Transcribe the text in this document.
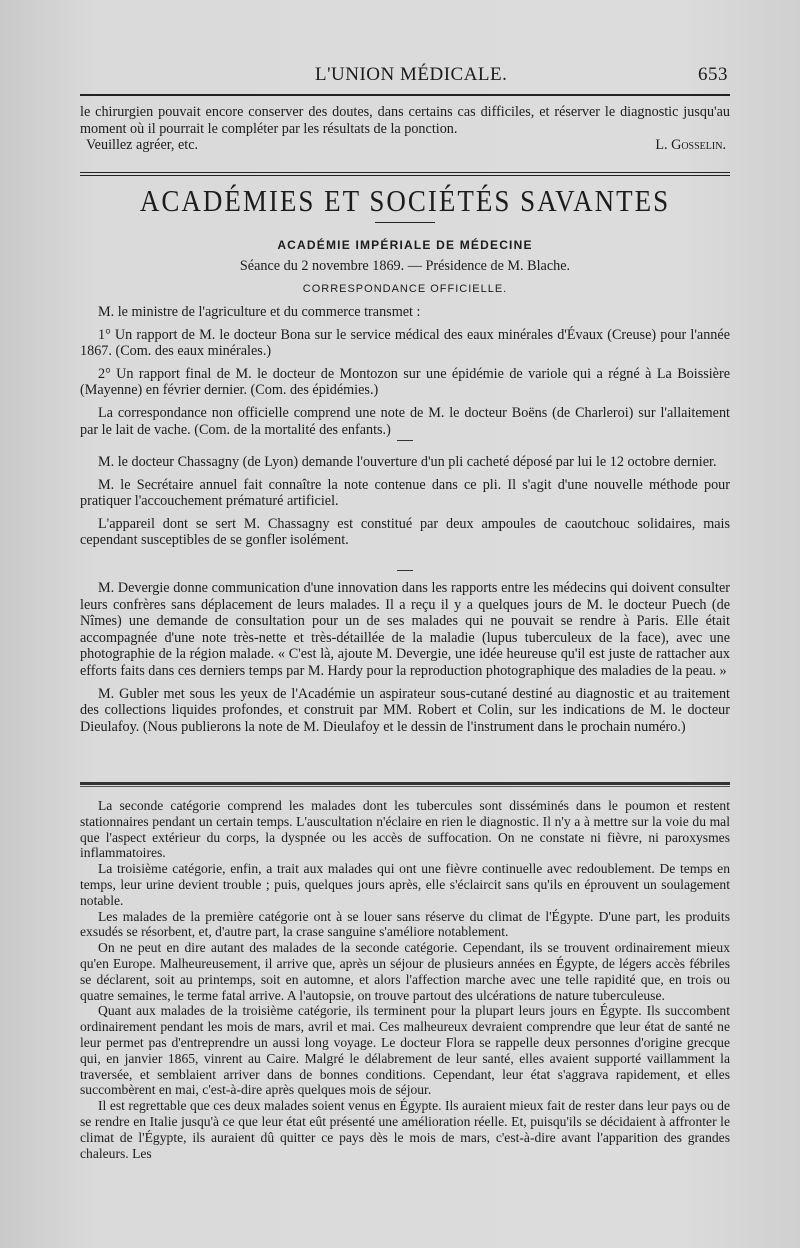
L'UNION MÉDICALE.	653

le chirurgien pouvait encore conserver des doutes, dans certains cas difficiles, et réserver le diagnostic jusqu'au moment où il pourrait le compléter par les résultats de la ponction.

Veuillez agréer, etc.	L. Gosselin.
ACADÉMIES ET SOCIÉTÉS SAVANTES
ACADÉMIE IMPÉRIALE DE MÉDECINE
Séance du 2 novembre 1869. — Présidence de M. Blache.
CORRESPONDANCE OFFICIELLE.

M. le ministre de l'agriculture et du commerce transmet :

1° Un rapport de M. le docteur Bona sur le service médical des eaux minérales d'Évaux (Creuse) pour l'année 1867. (Com. des eaux minérales.)

2° Un rapport final de M. le docteur de Montozon sur une épidémie de variole qui a régné à La Boissière (Mayenne) en février dernier. (Com. des épidémies.)

La correspondance non officielle comprend une note de M. le docteur Boëns (de Charleroi) sur l'allaitement par le lait de vache. (Com. de la mortalité des enfants.)

M. le docteur Chassagny (de Lyon) demande l'ouverture d'un pli cacheté déposé par lui le 12 octobre dernier.

M. le Secrétaire annuel fait connaître la note contenue dans ce pli. Il s'agit d'une nouvelle méthode pour pratiquer l'accouchement prématuré artificiel.

L'appareil dont se sert M. Chassagny est constitué par deux ampoules de caoutchouc solidaires, mais cependant susceptibles de se gonfler isolément.

M. Devergie donne communication d'une innovation dans les rapports entre les médecins qui doivent consulter leurs confrères sans déplacement de leurs malades. Il a reçu il y a quelques jours de M. le docteur Puech (de Nîmes) une demande de consultation pour un de ses malades qui ne pouvait se rendre à Paris. Elle était accompagnée d'une note très-nette et très-détaillée de la maladie (lupus tuberculeux de la face), avec une photographie de la région malade. « C'est là, ajoute M. Devergie, une idée heureuse qu'il est juste de rattacher aux efforts faits dans ces derniers temps par M. Hardy pour la reproduction photographique des maladies de la peau. »

M. Gubler met sous les yeux de l'Académie un aspirateur sous-cutané destiné au diagnostic et au traitement des collections liquides profondes, et construit par MM. Robert et Colin, sur les indications de M. le docteur Dieulafoy. (Nous publierons la note de M. Dieulafoy et le dessin de l'instrument dans le prochain numéro.)

La seconde catégorie comprend les malades dont les tubercules sont disséminés dans le poumon et restent stationnaires pendant un certain temps. L'auscultation n'éclaire en rien le diagnostic. Il n'y a à mettre sur la voie du mal que l'aspect extérieur du corps, la dyspnée ou les accès de suffocation. On ne constate ni fièvre, ni paroxysmes inflammatoires.

La troisième catégorie, enfin, a trait aux malades qui ont une fièvre continuelle avec redoublement. De temps en temps, leur urine devient trouble ; puis, quelques jours après, elle s'éclaircit sans qu'ils en éprouvent un soulagement notable.

Les malades de la première catégorie ont à se louer sans réserve du climat de l'Égypte. D'une part, les produits exsudés se résorbent, et, d'autre part, la crase sanguine s'améliore notablement.

On ne peut en dire autant des malades de la seconde catégorie. Cependant, ils se trouvent ordinairement mieux qu'en Europe. Malheureusement, il arrive que, après un séjour de plusieurs années en Égypte, de légers accès fébriles se déclarent, soit au printemps, soit en automne, et alors l'affection marche avec une telle rapidité que, en trois ou quatre semaines, le terme fatal arrive. A l'autopsie, on trouve partout des ulcérations de nature tuberculeuse.

Quant aux malades de la troisième catégorie, ils terminent pour la plupart leurs jours en Égypte. Ils succombent ordinairement pendant les mois de mars, avril et mai. Ces malheureux devraient comprendre que leur état de santé ne leur permet pas d'entreprendre un aussi long voyage. Le docteur Flora se rappelle deux personnes d'origine grecque qui, en janvier 1865, vinrent au Caire. Malgré le délabrement de leur santé, elles avaient supporté vaillamment la traversée, et semblaient arriver dans de bonnes conditions. Cependant, leur état s'aggrava rapidement, et elles succombèrent en mai, c'est-à-dire après quelques mois de séjour.

Il est regrettable que ces deux malades soient venus en Égypte. Ils auraient mieux fait de rester dans leur pays ou de se rendre en Italie jusqu'à ce que leur état eût présenté une amélioration réelle. Et, puisqu'ils se décidaient à affronter le climat de l'Égypte, ils auraient dû quitter ce pays dès le mois de mars, c'est-à-dire avant l'apparition des grandes chaleurs. Les
